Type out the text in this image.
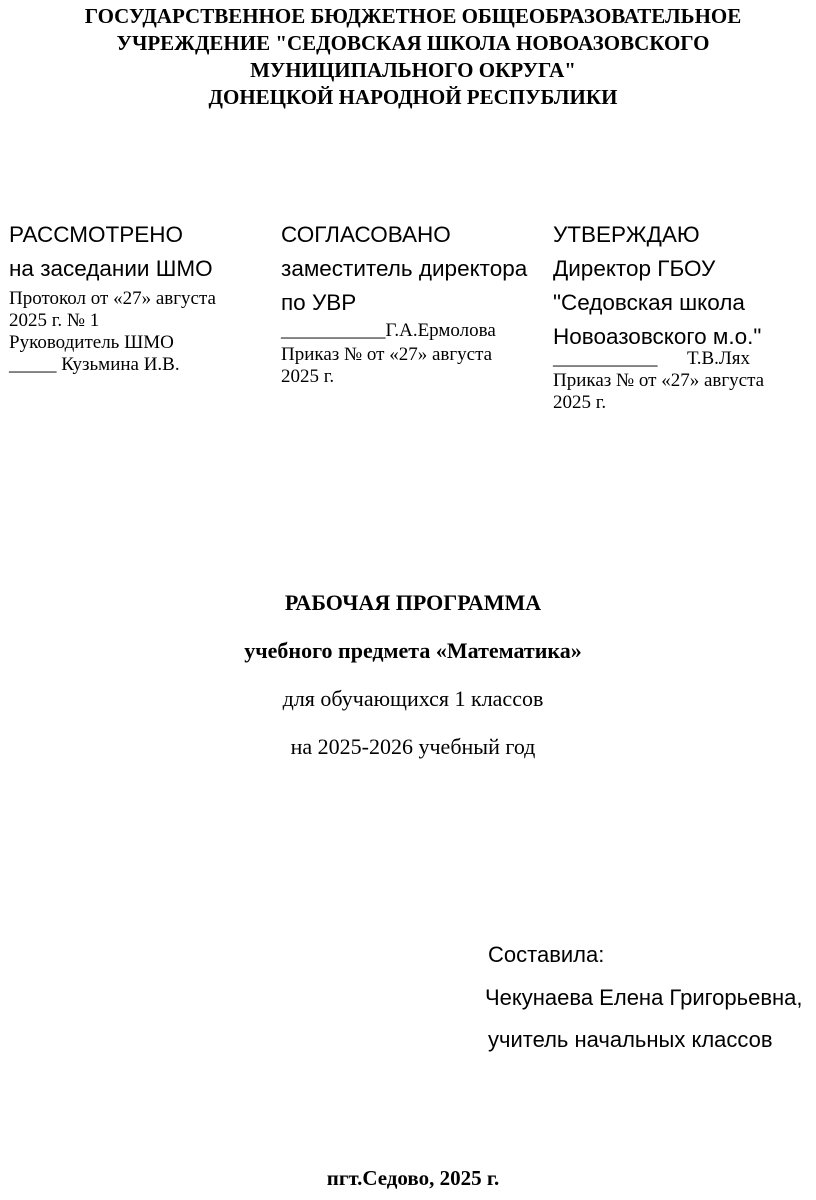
ГОСУДАРСТВЕННОЕ БЮДЖЕТНОЕ ОБЩЕОБРАЗОВАТЕЛЬНОЕ
УЧРЕЖДЕНИЕ "СЕДОВСКАЯ ШКОЛА НОВОАЗОВСКОГО
МУНИЦИПАЛЬНОГО ОКРУГА"
ДОНЕЦКОЙ НАРОДНОЙ РЕСПУБЛИКИ
РАССМОТРЕНО
на заседании ШМО
Протокол от «27» августа
2025 г. № 1
Руководитель ШМО
_____ Кузьмина И.В.
СОГЛАСОВАНО
заместитель директора
по УВР
___________Г.А.Ермолова
Приказ № от «27» августа
2025 г.
УТВЕРЖДАЮ
Директор ГБОУ
"Седовская школа
Новоазовского м.о."
___________ Т.В.Лях
Приказ № от «27» августа
2025 г.
РАБОЧАЯ ПРОГРАММА
учебного предмета «Математика»
для обучающихся 1 классов
на 2025-2026 учебный год
Составила:
Чекунаева Елена Григорьевна,
учитель начальных классов
пгт.Седово, 2025 г.
